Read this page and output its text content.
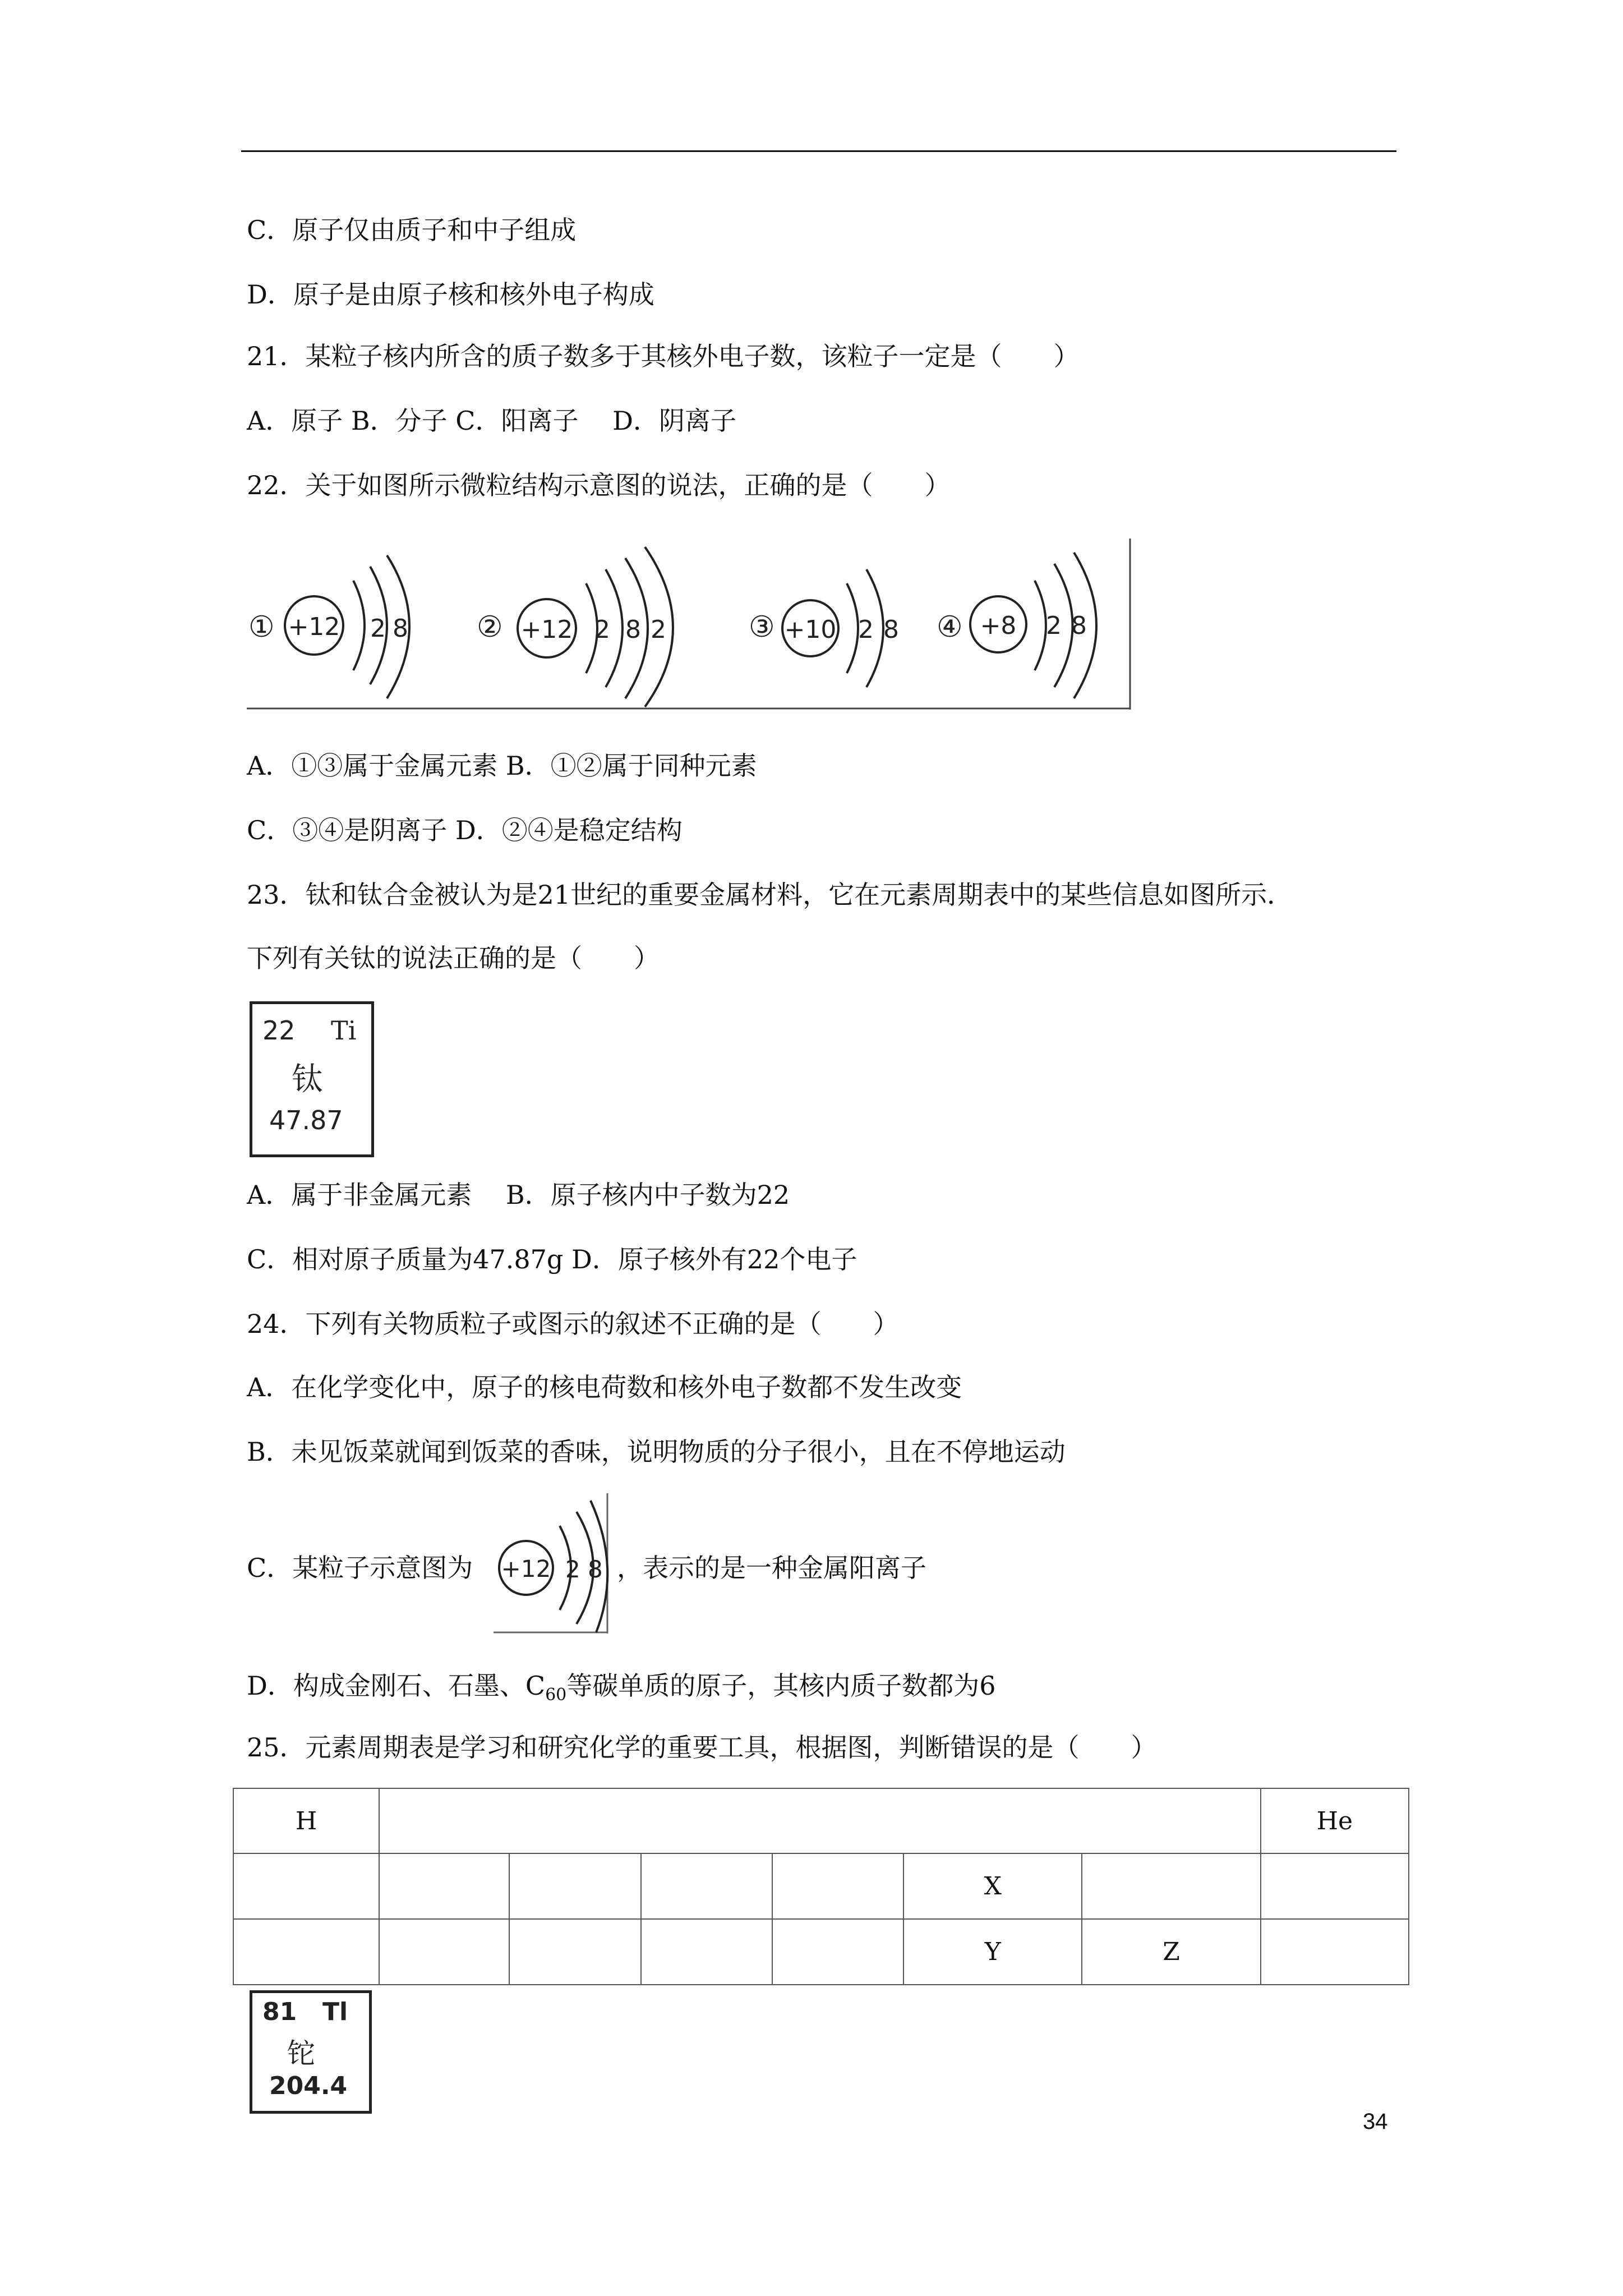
C．原子仅由质子和中子组成
D．原子是由原子核和核外电子构成
21．某粒子核内所含的质子数多于其核外电子数，该粒子一定是（　　）
A．原子 B．分子 C．阳离子　 D．阴离子
22．关于如图所示微粒结构示意图的说法，正确的是（　　）
① +12 2 8 ② +12 2 8 2	③ +10 2 8 ④ +8 2 8
A．①③属于金属元素 B．①②属于同种元素
C．③④是阴离子 D．②④是稳定结构
23．钛和钛合金被认为是21世纪的重要金属材料，它在元素周期表中的某些信息如图所示．
下列有关钛的说法正确的是（　　）
22 Ti
钛
47.87
A．属于非金属元素　 B．原子核内中子数为22
C．相对原子质量为47.87g D．原子核外有22个电子
24．下列有关物质粒子或图示的叙述不正确的是（　　）
A．在化学变化中，原子的核电荷数和核外电子数都不发生改变
B．未见饭菜就闻到饭菜的香味，说明物质的分子很小，且在不停地运动
C．某粒子示意图为 +12 2 8 ，表示的是一种金属阳离子
D．构成金刚石、石墨、$C_{60}$等碳单质的原子，其核内质子数都为6
25．元素周期表是学习和研究化学的重要工具，根据图，判断错误的是（　　）
H							He
					X		
					Y	Z	
81 Tl
铊
204.4
34
